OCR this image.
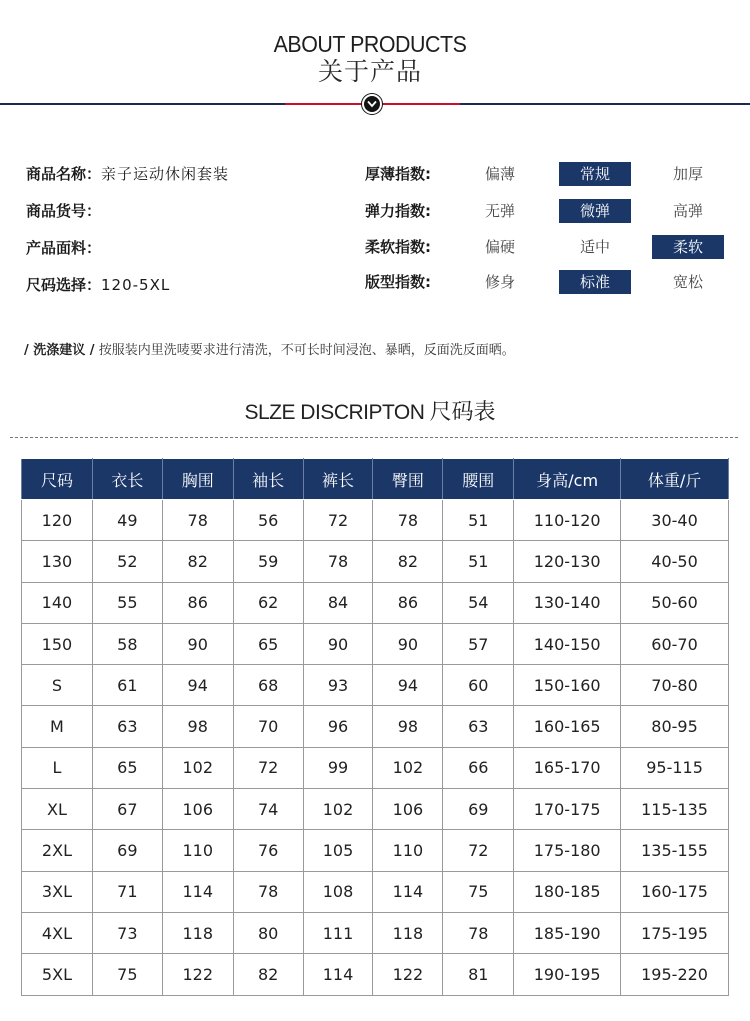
ABOUT PRODUCTS
关于产品
商品名称：亲子运动休闲套装
商品货号：
产品面料：
尺码选择：120-5XL
厚薄指数:	偏薄	常规	加厚
弹力指数:	无弹	微弹	高弹
柔软指数:	偏硬	适中	柔软
版型指数:	修身	标准	宽松
/ 洗涤建议 / 按服装内里洗唛要求进行清洗，不可长时间浸泡、暴晒，反面洗反面晒。
SLZE DISCRIPTON 尺码表
尺码	衣长	胸围	袖长	裤长	臀围	腰围	身高/cm	体重/斤
120	49	78	56	72	78	51	110-120	30-40
130	52	82	59	78	82	51	120-130	40-50
140	55	86	62	84	86	54	130-140	50-60
150	58	90	65	90	90	57	140-150	60-70
S	61	94	68	93	94	60	150-160	70-80
M	63	98	70	96	98	63	160-165	80-95
L	65	102	72	99	102	66	165-170	95-115
XL	67	106	74	102	106	69	170-175	115-135
2XL	69	110	76	105	110	72	175-180	135-155
3XL	71	114	78	108	114	75	180-185	160-175
4XL	73	118	80	111	118	78	185-190	175-195
5XL	75	122	82	114	122	81	190-195	195-220
